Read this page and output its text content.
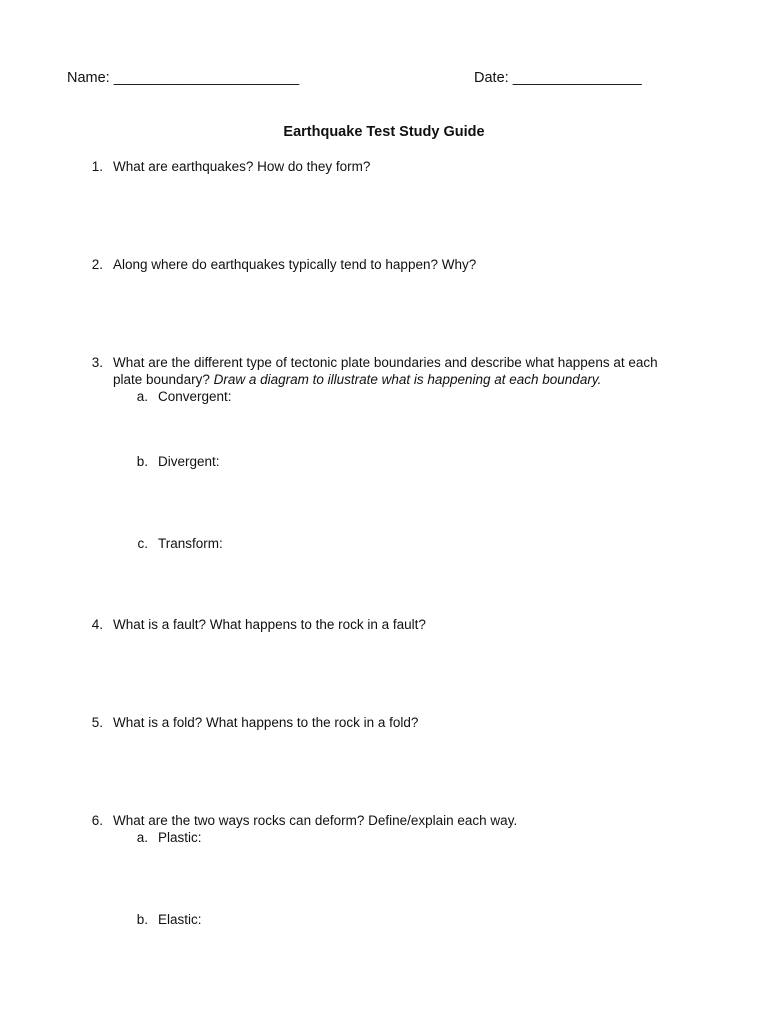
Name: _______________________	Date: ________________
Earthquake Test Study Guide
1. What are earthquakes? How do they form?
2. Along where do earthquakes typically tend to happen? Why?
3. What are the different type of tectonic plate boundaries and describe what happens at each
plate boundary? Draw a diagram to illustrate what is happening at each boundary.
a. Convergent:
b. Divergent:
c. Transform:
4. What is a fault? What happens to the rock in a fault?
5. What is a fold? What happens to the rock in a fold?
6. What are the two ways rocks can deform? Define/explain each way.
a. Plastic:
b. Elastic:
